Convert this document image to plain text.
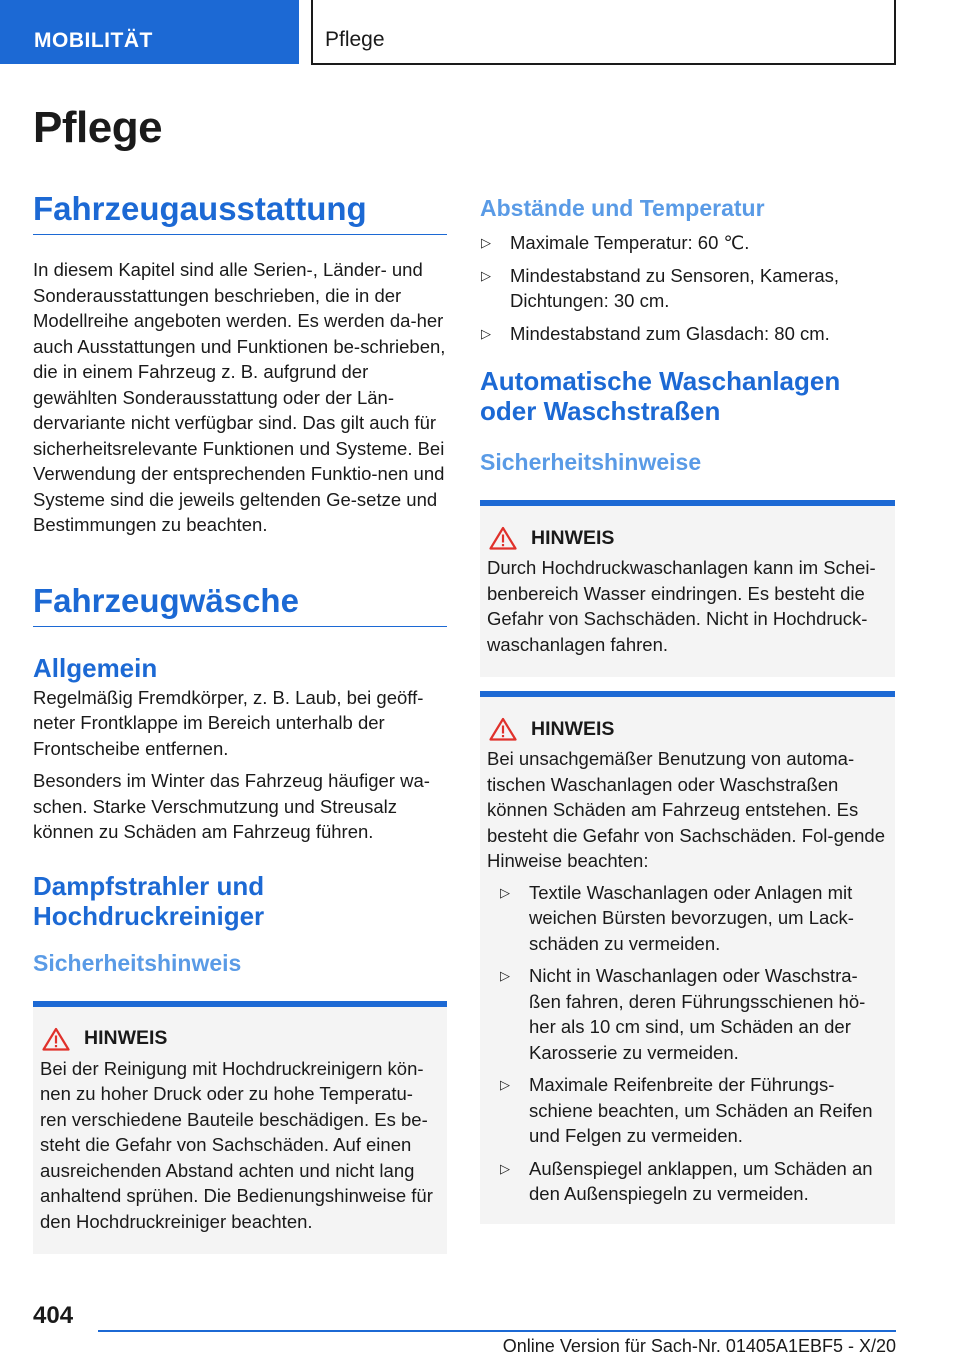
MOBILITÄT	Pflege
Pflege
Fahrzeugausstattung

In diesem Kapitel sind alle Serien-, Länder- und Sonderausstattungen beschrieben, die in der Modellreihe angeboten werden. Es werden da-her auch Ausstattungen und Funktionen be-schrieben, die in einem Fahrzeug z. B. aufgrund der gewählten Sonderausstattung oder der Län-dervariante nicht verfügbar sind. Das gilt auch für sicherheitsrelevante Funktionen und Systeme. Bei Verwendung der entsprechenden Funktio-nen und Systeme sind die jeweils geltenden Ge-setze und Bestimmungen zu beachten.

Fahrzeugwäsche
Allgemein

Regelmäßig Fremdkörper, z. B. Laub, bei geöff-neter Frontklappe im Bereich unterhalb der Frontscheibe entfernen.

Besonders im Winter das Fahrzeug häufiger wa-schen. Starke Verschmutzung und Streusalz können zu Schäden am Fahrzeug führen.

Dampfstrahler und Hochdruckreiniger
Sicherheitshinweis
HINWEIS

Bei der Reinigung mit Hochdruckreinigern kön-nen zu hoher Druck oder zu hohe Temperatu-ren verschiedene Bauteile beschädigen. Es be-steht die Gefahr von Sachschäden. Auf einen ausreichenden Abstand achten und nicht lang anhaltend sprühen. Die Bedienungshinweise für den Hochdruckreiniger beachten.

Abstände und Temperatur
▷ Maximale Temperatur: 60 ℃.
▷ Mindestabstand zu Sensoren, Kameras, Dichtungen: 30 cm.
▷ Mindestabstand zum Glasdach: 80 cm.
Automatische Waschanlagen oder Waschstraßen
Sicherheitshinweise
HINWEIS

Durch Hochdruckwaschanlagen kann im Schei-benbereich Wasser eindringen. Es besteht die Gefahr von Sachschäden. Nicht in Hochdruck-waschanlagen fahren.

HINWEIS

Bei unsachgemäßer Benutzung von automa-tischen Waschanlagen oder Waschstraßen können Schäden am Fahrzeug entstehen. Es besteht die Gefahr von Sachschäden. Fol-gende Hinweise beachten:

▷ Textile Waschanlagen oder Anlagen mit weichen Bürsten bevorzugen, um Lack-schäden zu vermeiden.
▷ Nicht in Waschanlagen oder Waschstra-ßen fahren, deren Führungsschienen hö-her als 10 cm sind, um Schäden an der Karosserie zu vermeiden.
▷ Maximale Reifenbreite der Führungs-schiene beachten, um Schäden an Reifen und Felgen zu vermeiden.
▷ Außenspiegel anklappen, um Schäden an den Außenspiegeln zu vermeiden.
404
Online Version für Sach-Nr. 01405A1EBF5 - X/20
